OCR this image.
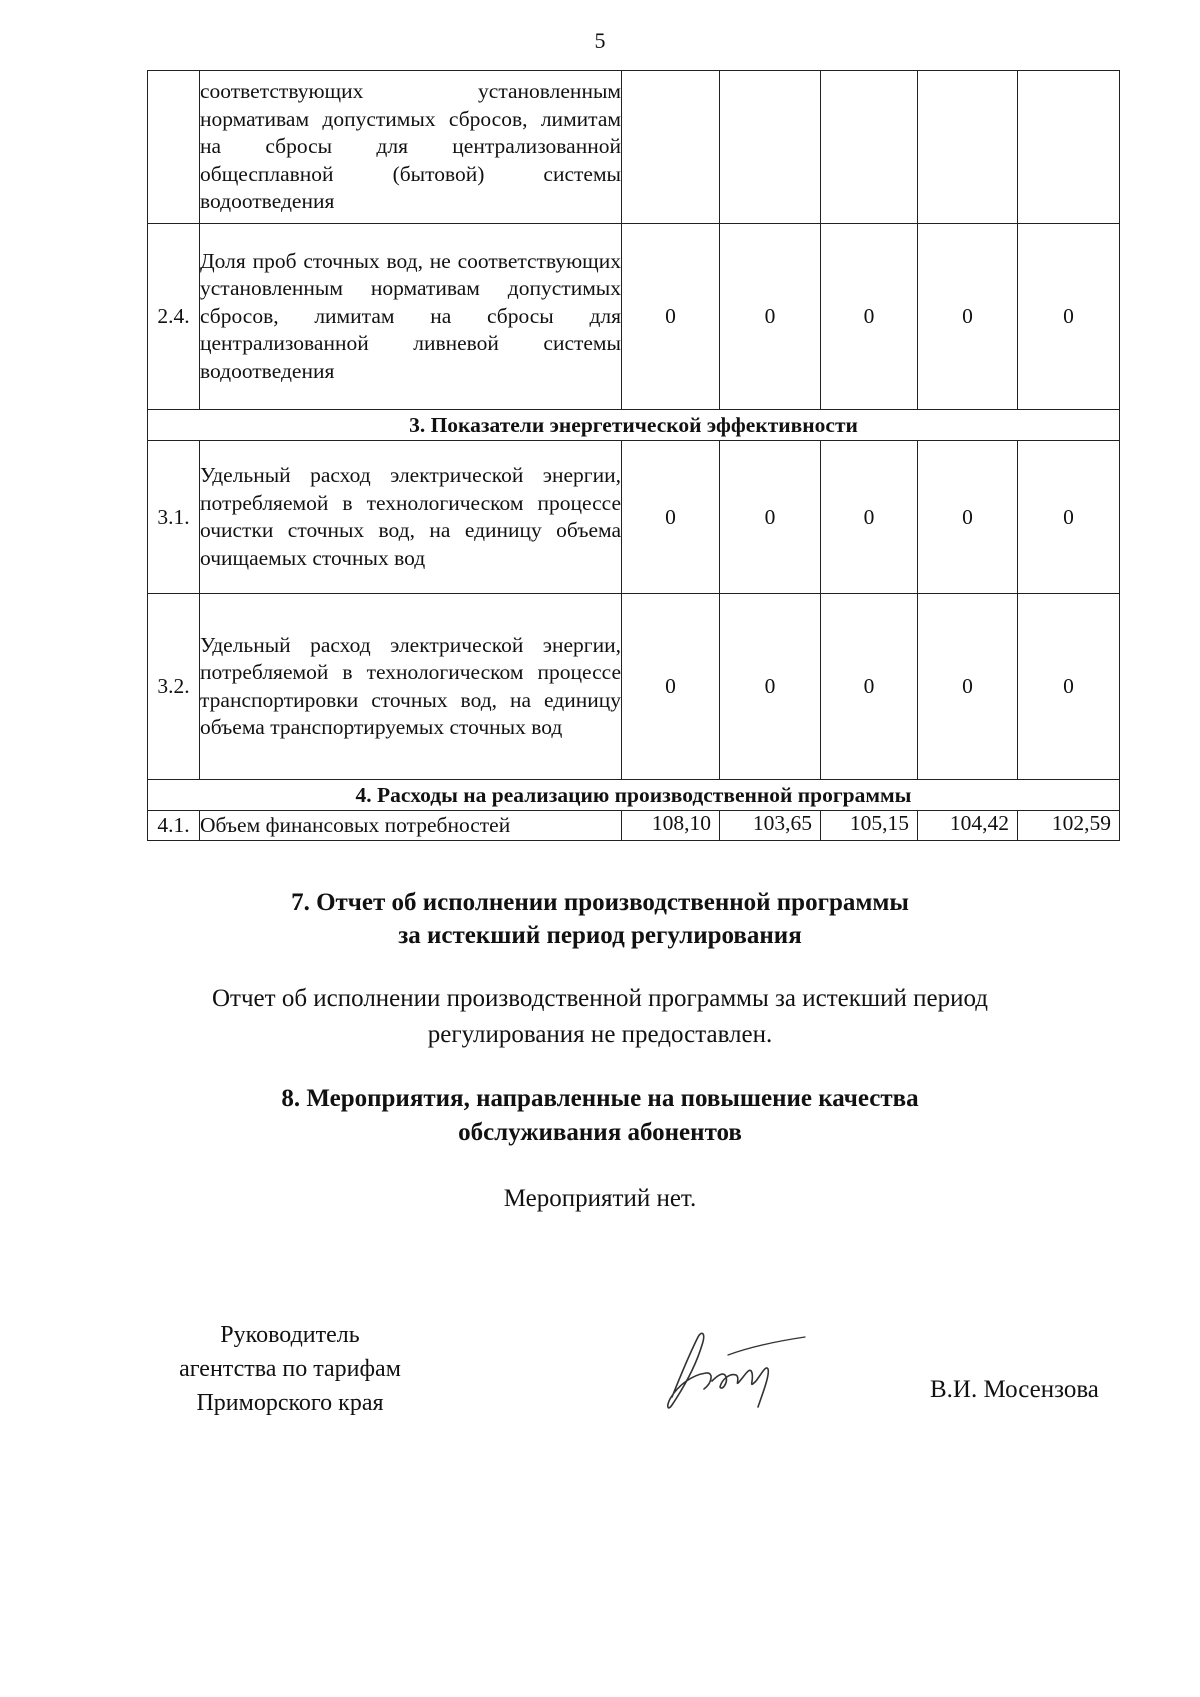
5
	соответствующих установленным нормативам допустимых сбросов, лимитам на сбросы для централизованной общесплавной (бытовой) системы водоотведения					
2.4.	Доля проб сточных вод, не соответствующих установленным нормативам допустимых сбросов, лимитам на сбросы для централизованной ливневой системы водоотведения	0	0	0	0	0
3. Показатели энергетической эффективности						
3.1.	Удельный расход электрической энергии, потребляемой в технологическом процессе очистки сточных вод, на единицу объема очищаемых сточных вод	0	0	0	0	0
3.2.	Удельный расход электрической энергии, потребляемой в технологическом процессе транспортировки сточных вод, на единицу объема транспортируемых сточных вод	0	0	0	0	0
4. Расходы на реализацию производственной программы						
4.1.	Объем финансовых потребностей	108,10	103,65	105,15	104,42	102,59
7. Отчет об исполнении производственной программы
за истекший период регулирования

Отчет об исполнении производственной программы за истекший период

регулирования не предоставлен.

8. Мероприятия, направленные на повышение качества
обслуживания абонентов

Мероприятий нет.

Руководитель
агентства по тарифам
Приморского края	В.И. Мосензова
